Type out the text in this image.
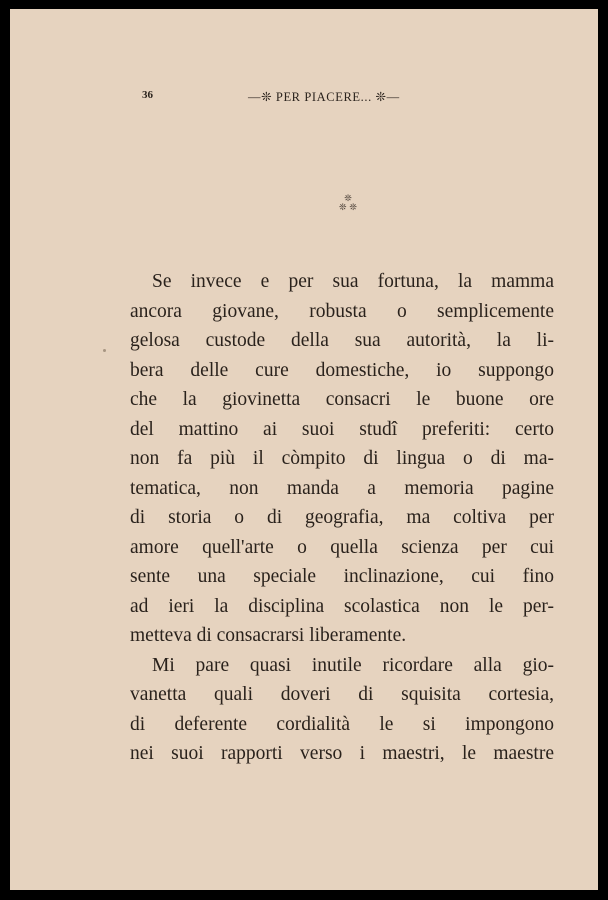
36	—❊ PER PIACERE... ❊—
❊
❊ ❊
Se invece e per sua fortuna, la mamma
ancora giovane, robusta o semplicemente
gelosa custode della sua autorità, la li-
bera delle cure domestiche, io suppongo
che la giovinetta consacri le buone ore
del mattino ai suoi studî preferiti: certo
non fa più il còmpito di lingua o di ma-
tematica, non manda a memoria pagine
di storia o di geografia, ma coltiva per
amore quell'arte o quella scienza per cui
sente una speciale inclinazione, cui fino
ad ieri la disciplina scolastica non le per-
metteva di consacrarsi liberamente.
Mi pare quasi inutile ricordare alla gio-
vanetta quali doveri di squisita cortesia,
di deferente cordialità le si impongono
nei suoi rapporti verso i maestri, le maestre
